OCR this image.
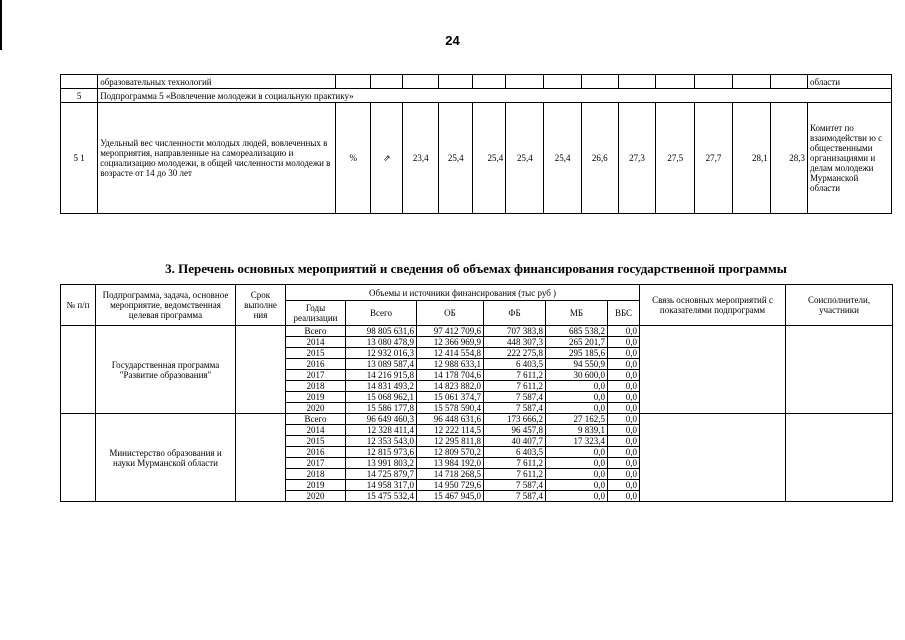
24
	образовательных технологий														области
5	Подпрограмма 5 «Вовлечение молодежи в социальную практику»														
5 1	Удельный вес численности молодых людей, вовлеченных в мероприятия, направленные на самореализацию и социализацию молодежи, в общей численности молодежи в возрасте от 14 до 30 лет	%	⇗	23,4	25,4	25,4	25,4	25,4	26,6	27,3	27,5	27,7	28,1	28,3	Комитет по взаимодействи ю с общественными организациями и делам молодежи Мурманской области
3. Перечень основных мероприятий и сведения об объемах финансирования государственной программы
№ п/п	Подпрограмма, задача, основное мероприятие, ведомственная целевая программа	Срок выполне ния	Объемы и источники финансирования (тыс руб )						Связь основных мероприятий с показателями подпрограмм	Соисполнители, участники
			Годы реализации	Всего	ОБ	ФБ	МБ	ВБС		
	Государственная программа "Развитие образования"		Всего	98 805 631,6	97 412 709,6	707 383,8	685 538,2	0,0		
			2014	13 080 478,9	12 366 969,9	448 307,3	265 201,7	0,0		
			2015	12 932 016,3	12 414 554,8	222 275,8	295 185,6	0,0		
			2016	13 089 587,4	12 988 633,1	6 403,5	94 550,9	0,0		
			2017	14 216 915,8	14 178 704,6	7 611,2	30 600,0	0,0		
			2018	14 831 493,2	14 823 882,0	7 611,2	0,0	0,0		
			2019	15 068 962,1	15 061 374,7	7 587,4	0,0	0,0		
			2020	15 586 177,8	15 578 590,4	7 587,4	0,0	0,0		
	Министерство образования и науки Мурманской области		Всего	96 649 460,3	96 448 631,6	173 666,2	27 162,5	0,0		
			2014	12 328 411,4	12 222 114,5	96 457,8	9 839,1	0,0		
			2015	12 353 543,0	12 295 811,8	40 407,7	17 323,4	0,0		
			2016	12 815 973,6	12 809 570,2	6 403,5	0,0	0,0		
			2017	13 991 803,2	13 984 192,0	7 611,2	0,0	0,0		
			2018	14 725 879,7	14 718 268,5	7 611,2	0,0	0,0		
			2019	14 958 317,0	14 950 729,6	7 587,4	0,0	0,0		
			2020	15 475 532,4	15 467 945,0	7 587,4	0,0	0,0		
